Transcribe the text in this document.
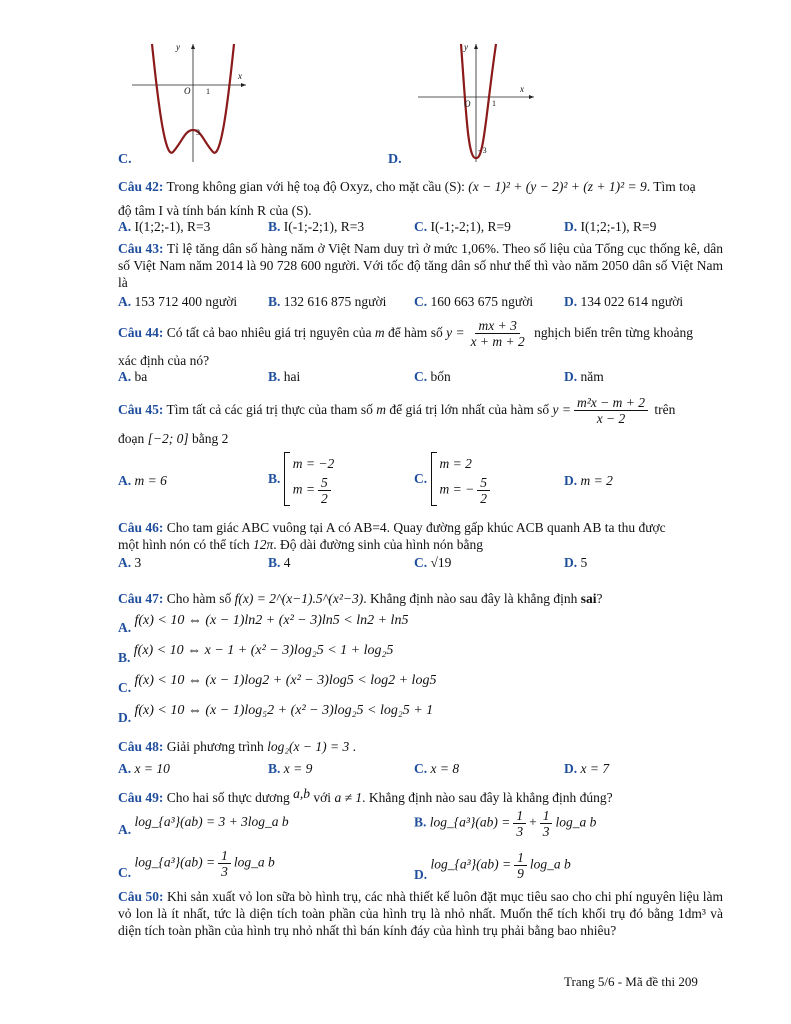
C.
y
x
O 1
3
D.
y
x
O	1
- 3
Câu 42: Trong không gian với hệ toạ độ Oxyz, cho mặt cầu (S): (x − 1)² + (y − 2)² + (z + 1)² = 9. Tìm toạ
độ tâm I và tính bán kính R của (S).
A. I(1;2;-1), R=3	B. I(-1;-2;1), R=3	C. I(-1;-2;1), R=9	D. I(1;2;-1), R=9
Câu 43: Tỉ lệ tăng dân số hàng năm ở Việt Nam duy trì ở mức 1,06%. Theo số liệu của Tổng cục thống kê, dân số Việt Nam năm 2014 là 90 728 600 người. Với tốc độ tăng dân số như thế thì vào năm 2050 dân số Việt Nam là
A. 153 712 400 người B. 132 616 875 người C. 160 663 675 người D. 134 022 614 người
Câu 44: Có tất cả bao nhiêu giá trị nguyên của m để hàm số $y = \frac{mx + 3}{x + m + 2}$ nghịch biến trên từng khoảng
xác định của nó?
A. ba	B. hai	C. bốn	D. năm
Câu 45: Tìm tất cả các giá trị thực của tham số m để giá trị lớn nhất của hàm số $y = \frac{\text{m²x − m + 2}}{x - 2}$ trên
đoạn [−2; 0] bằng 2
A. m = 6	B.
m = −2
$m = \frac{5}{2}$	C.
m = 2
m = − $\frac{5}{2}$	D. m = 2
Câu 46: Cho tam giác ABC vuông tại A có AB=4. Quay đường gấp khúc ACB quanh AB ta thu được
một hình nón có thể tích 12π. Độ dài đường sinh của hình nón bằng
A. 3	B. 4	C. √19	D. 5
Câu 47: Cho hàm số f(x) = 2^(x−1).5^(x²−3). Khẳng định nào sau đây là khẳng định sai?
A. f(x) < 10 ⇔ (x − 1)ln2 + (x² − 3)ln5 < ln2 + ln5
B. f(x) < 10 ⇔ x − 1 + (x² − 3)log₂5 < 1 + log₂5
C. f(x) < 10 ⇔ (x − 1)log2 + (x² − 3)log5 < log2 + log5
D. f(x) < 10 ⇔ (x − 1)log₅2 + (x² − 3)log₂5 < log₂5 + 1
Câu 48: Giải phương trình log₂(x − 1) = 3 .
A. x = 10	B. x = 9	C. x = 8	D. x = 7
Câu 49: Cho hai số thực dương a,b với a ≠ 1. Khẳng định nào sau đây là khẳng định đúng?
A. log_{a³}(ab) = 3 + 3log_a b	B. log_{a³}(ab) = $\frac{1}{3} + \frac{1}{3}$ log_a b
C. log_{a³}(ab) = $\frac{1}{3}$ log_a b
D. log_{a³}(ab) = $\frac{1}{9}$ log_a b
Câu 50: Khi sản xuất vỏ lon sữa bò hình trụ, các nhà thiết kế luôn đặt mục tiêu sao cho chi phí nguyên liệu làm vỏ lon là ít nhất, tức là diện tích toàn phần của hình trụ là nhỏ nhất. Muốn thể tích khối trụ đó bằng 1dm³ và diện tích toàn phần của hình trụ nhỏ nhất thì bán kính đáy của hình trụ phải bằng bao nhiêu?
Trang 5/6 - Mã đề thi 209
